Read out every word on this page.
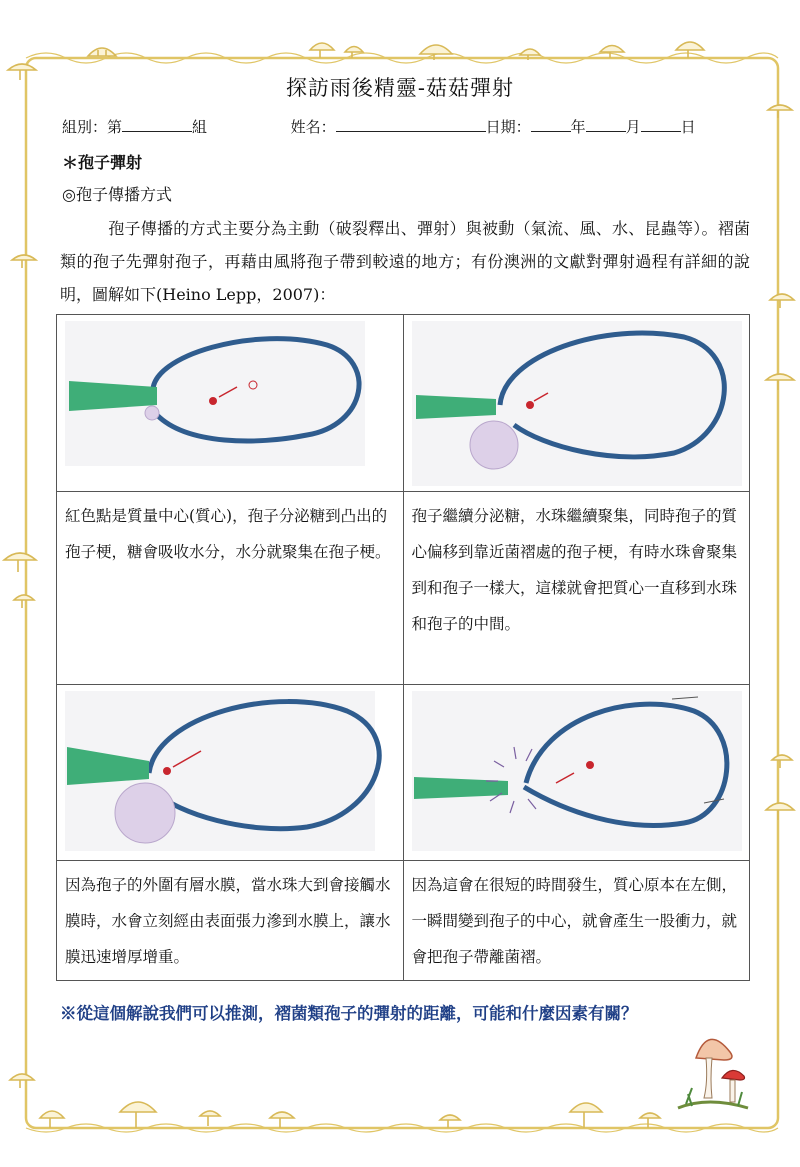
探訪雨後精靈-菇菇彈射
組別：第	組	姓名：	日期：	年	月	日
＊孢子彈射
◎孢子傳播方式
孢子傳播的方式主要分為主動（破裂釋出、彈射）與被動（氣流、風、水、昆蟲等）。褶菌類的孢子先彈射孢子，再藉由風將孢子帶到較遠的地方；有份澳洲的文獻對彈射過程有詳細的說明，圖解如下(Heino Lepp，2007)：

紅色點是質量中心(質心)，孢子分泌糖到凸出的孢子梗，糖會吸收水分，水分就聚集在孢子梗。	孢子繼續分泌糖，水珠繼續聚集，同時孢子的質心偏移到靠近菌褶處的孢子梗，有時水珠會聚集到和孢子一樣大，這樣就會把質心一直移到水珠和孢子的中間。

因為孢子的外圍有層水膜，當水珠大到會接觸水膜時，水會立刻經由表面張力滲到水膜上，讓水膜迅速增厚增重。	因為這會在很短的時間發生，質心原本在左側，一瞬間變到孢子的中心，就會產生一股衝力，就會把孢子帶離菌褶。
※從這個解說我們可以推測，褶菌類孢子的彈射的距離，可能和什麼因素有關？
